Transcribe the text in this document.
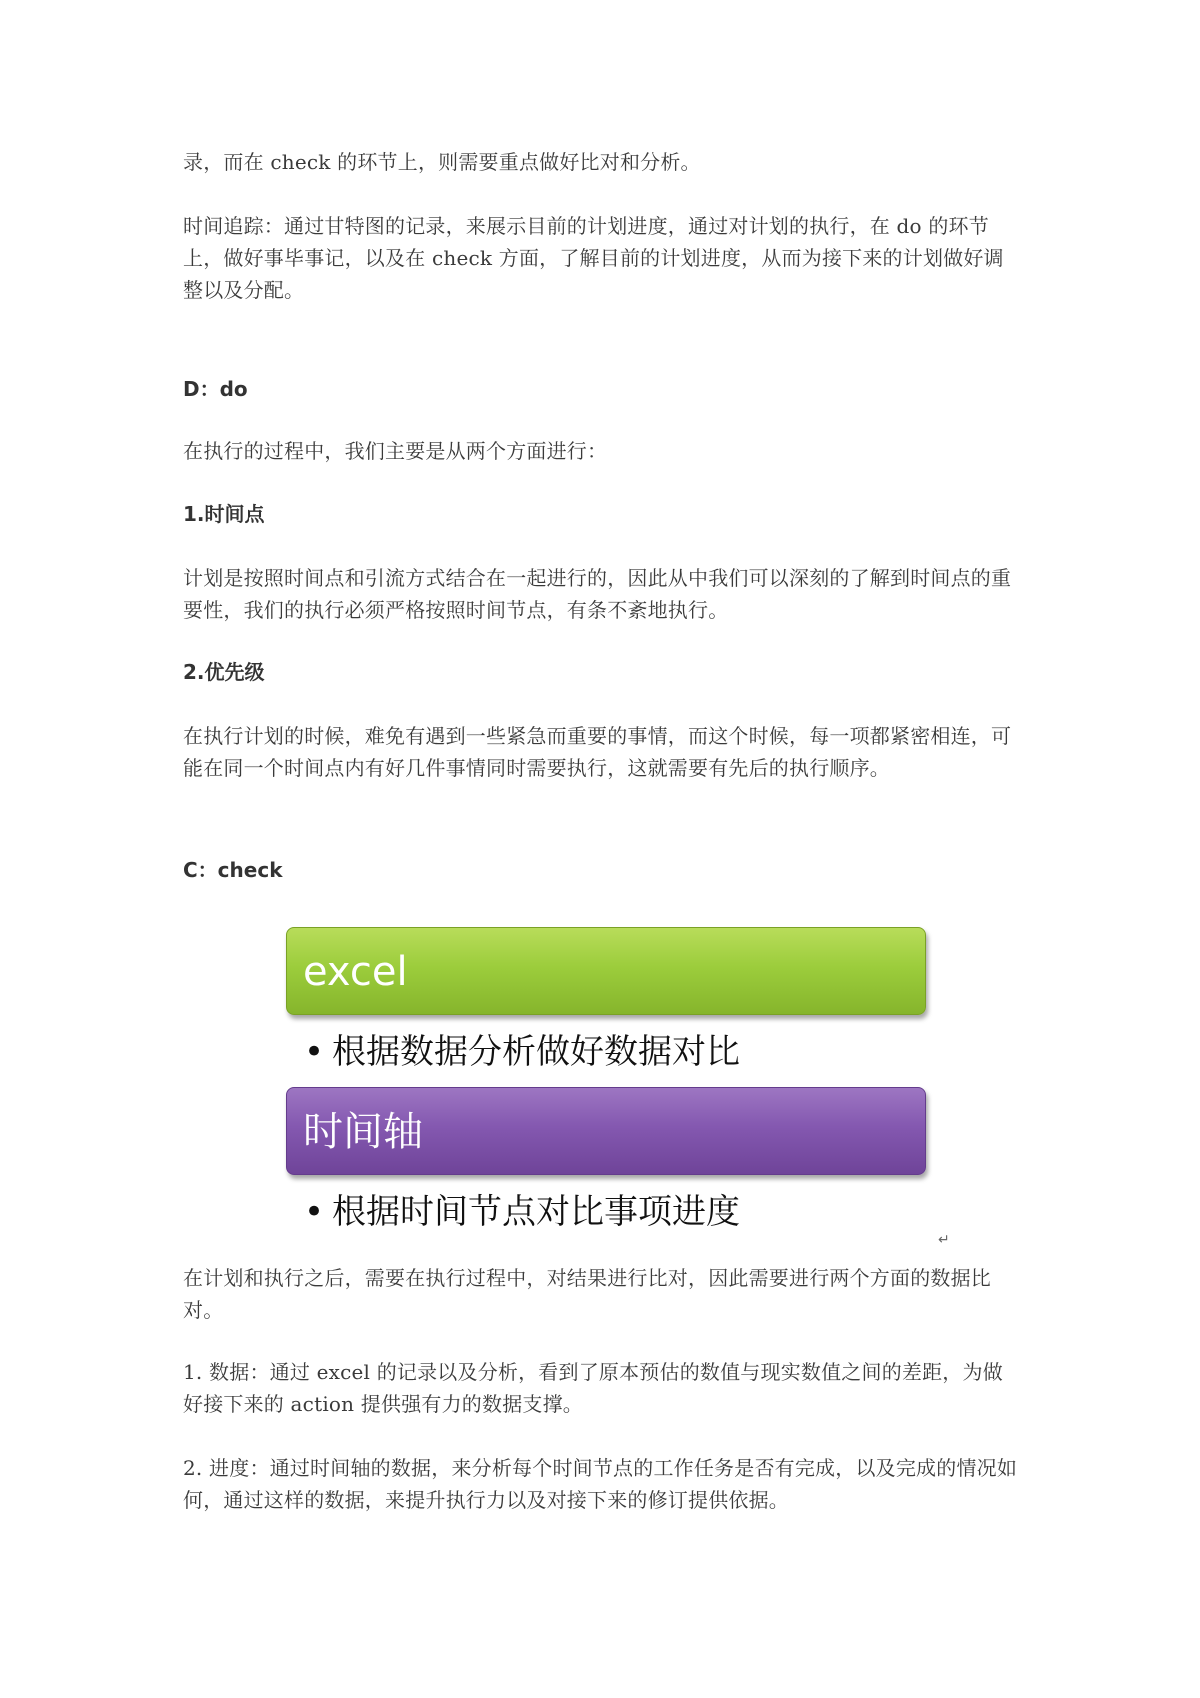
录，而在 check 的环节上，则需要重点做好比对和分析。

时间追踪：通过甘特图的记录，来展示目前的计划进度，通过对计划的执行，在 do 的环节上，做好事毕事记，以及在 check 方面，了解目前的计划进度，从而为接下来的计划做好调整以及分配。

D：do

在执行的过程中，我们主要是从两个方面进行：

1.时间点

计划是按照时间点和引流方式结合在一起进行的，因此从中我们可以深刻的了解到时间点的重要性，我们的执行必须严格按照时间节点，有条不紊地执行。

2.优先级

在执行计划的时候，难免有遇到一些紧急而重要的事情，而这个时候，每一项都紧密相连，可能在同一个时间点内有好几件事情同时需要执行，这就需要有先后的执行顺序。

C：check

excel
• 根据数据分析做好数据对比
时间轴
• 根据时间节点对比事项进度
↵

在计划和执行之后，需要在执行过程中，对结果进行比对，因此需要进行两个方面的数据比对。

1. 数据：通过 excel 的记录以及分析，看到了原本预估的数值与现实数值之间的差距，为做好接下来的 action 提供强有力的数据支撑。

2. 进度：通过时间轴的数据，来分析每个时间节点的工作任务是否有完成，以及完成的情况如何，通过这样的数据，来提升执行力以及对接下来的修订提供依据。
